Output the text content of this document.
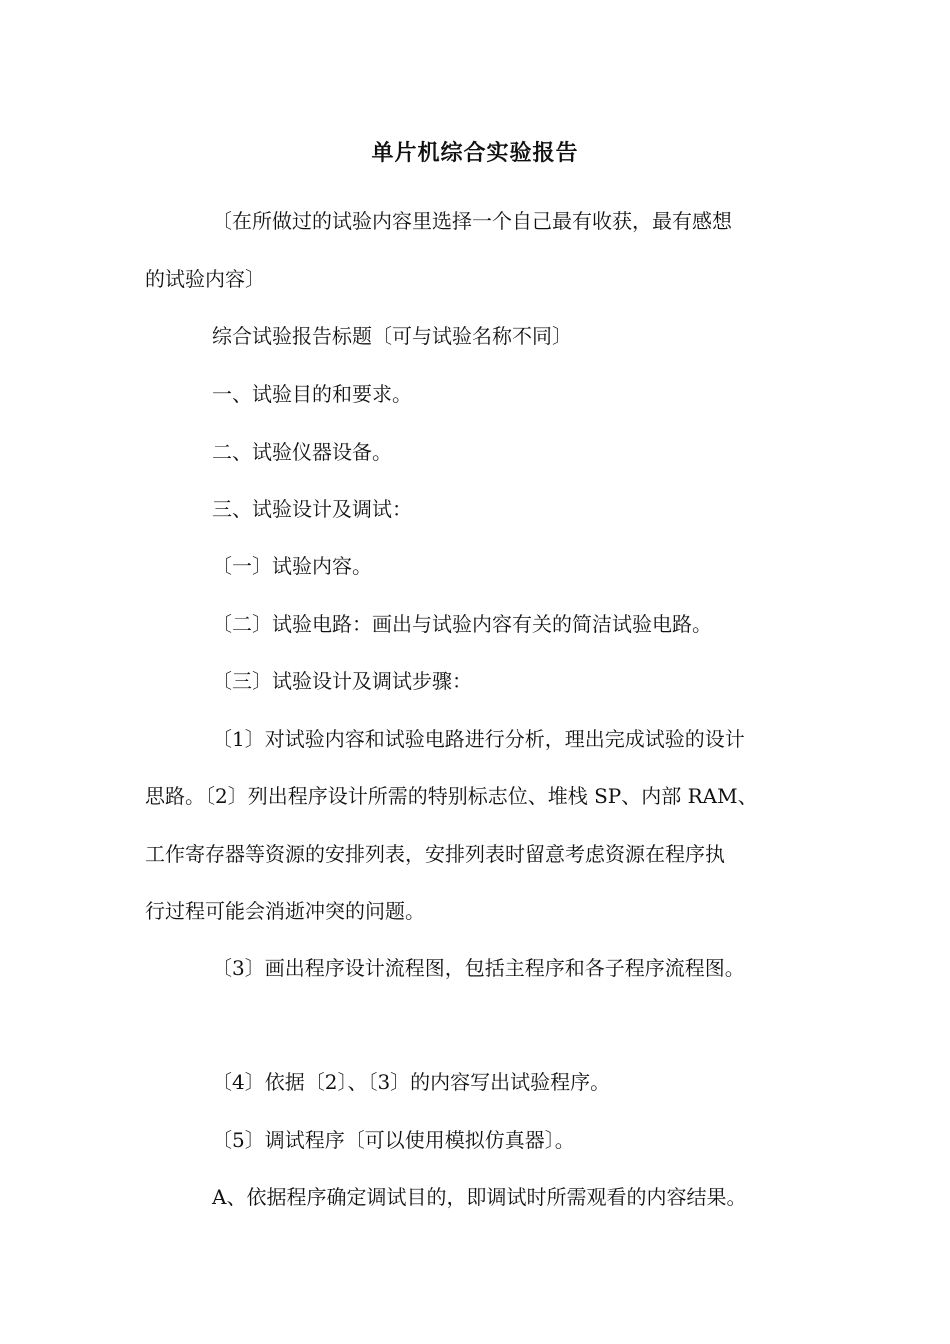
单片机综合实验报告
〔在所做过的试验内容里选择一个自己最有收获，最有感想
的试验内容〕
综合试验报告标题〔可与试验名称不同〕
一、试验目的和要求。
二、试验仪器设备。
三、试验设计及调试：
〔一〕试验内容。
〔二〕试验电路：画出与试验内容有关的简洁试验电路。
〔三〕试验设计及调试步骤：
〔1〕对试验内容和试验电路进行分析，理出完成试验的设计
思路。〔2〕列出程序设计所需的特别标志位、堆栈 SP、内部 RAM、
工作寄存器等资源的安排列表，安排列表时留意考虑资源在程序执
行过程可能会消逝冲突的问题。
〔3〕画出程序设计流程图，包括主程序和各子程序流程图。
〔4〕依据〔2〕、〔3〕的内容写出试验程序。
〔5〕调试程序〔可以使用模拟仿真器〕。
A、依据程序确定调试目的，即调试时所需观看的内容结果。
